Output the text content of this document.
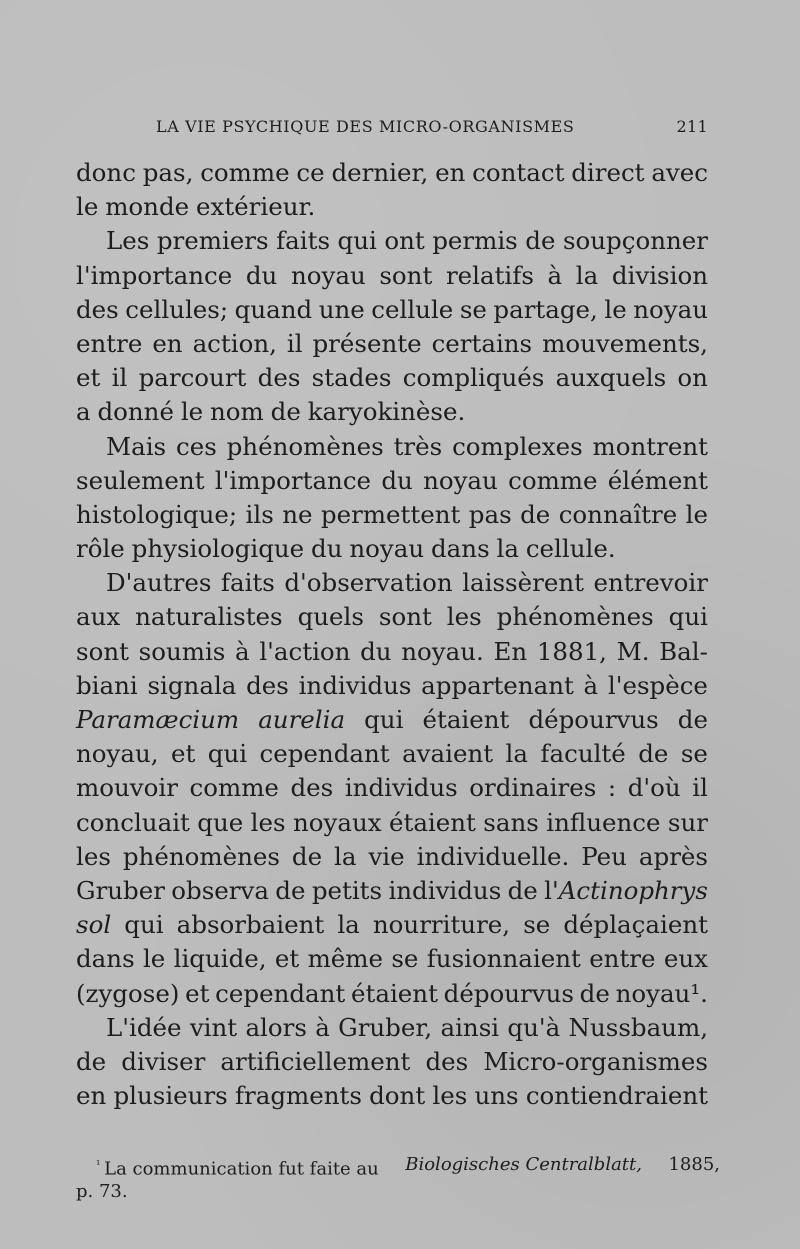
LA VIE PSYCHIQUE DES MICRO-ORGANISMES	211
donc pas, comme ce dernier, en contact direct avec
le monde extérieur.
Les premiers faits qui ont permis de soupçonner
l'importance du noyau sont relatifs à la division
des cellules; quand une cellule se partage, le noyau
entre en action, il présente certains mouvements,
et il parcourt des stades compliqués auxquels on
a donné le nom de karyokinèse.
Mais ces phénomènes très complexes montrent
seulement l'importance du noyau comme élément
histologique; ils ne permettent pas de connaître le
rôle physiologique du noyau dans la cellule.
D'autres faits d'observation laissèrent entrevoir
aux naturalistes quels sont les phénomènes qui
sont soumis à l'action du noyau. En 1881, M. Bal-
biani signala des individus appartenant à l'espèce
Paramæcium aurelia qui étaient dépourvus de
noyau, et qui cependant avaient la faculté de se
mouvoir comme des individus ordinaires : d'où il
concluait que les noyaux étaient sans influence sur
les phénomènes de la vie individuelle. Peu après
Gruber observa de petits individus de l'Actinophrys
sol qui absorbaient la nourriture, se déplaçaient
dans le liquide, et même se fusionnaient entre eux
(zygose) et cependant étaient dépourvus de noyau¹.
L'idée vint alors à Gruber, ainsi qu'à Nussbaum,
de diviser artificiellement des Micro-organismes
en plusieurs fragments dont les uns contiendraient
$^{^1}$ La communication fut faite au Biologisches Centralblatt, 1885,
p. 73.
